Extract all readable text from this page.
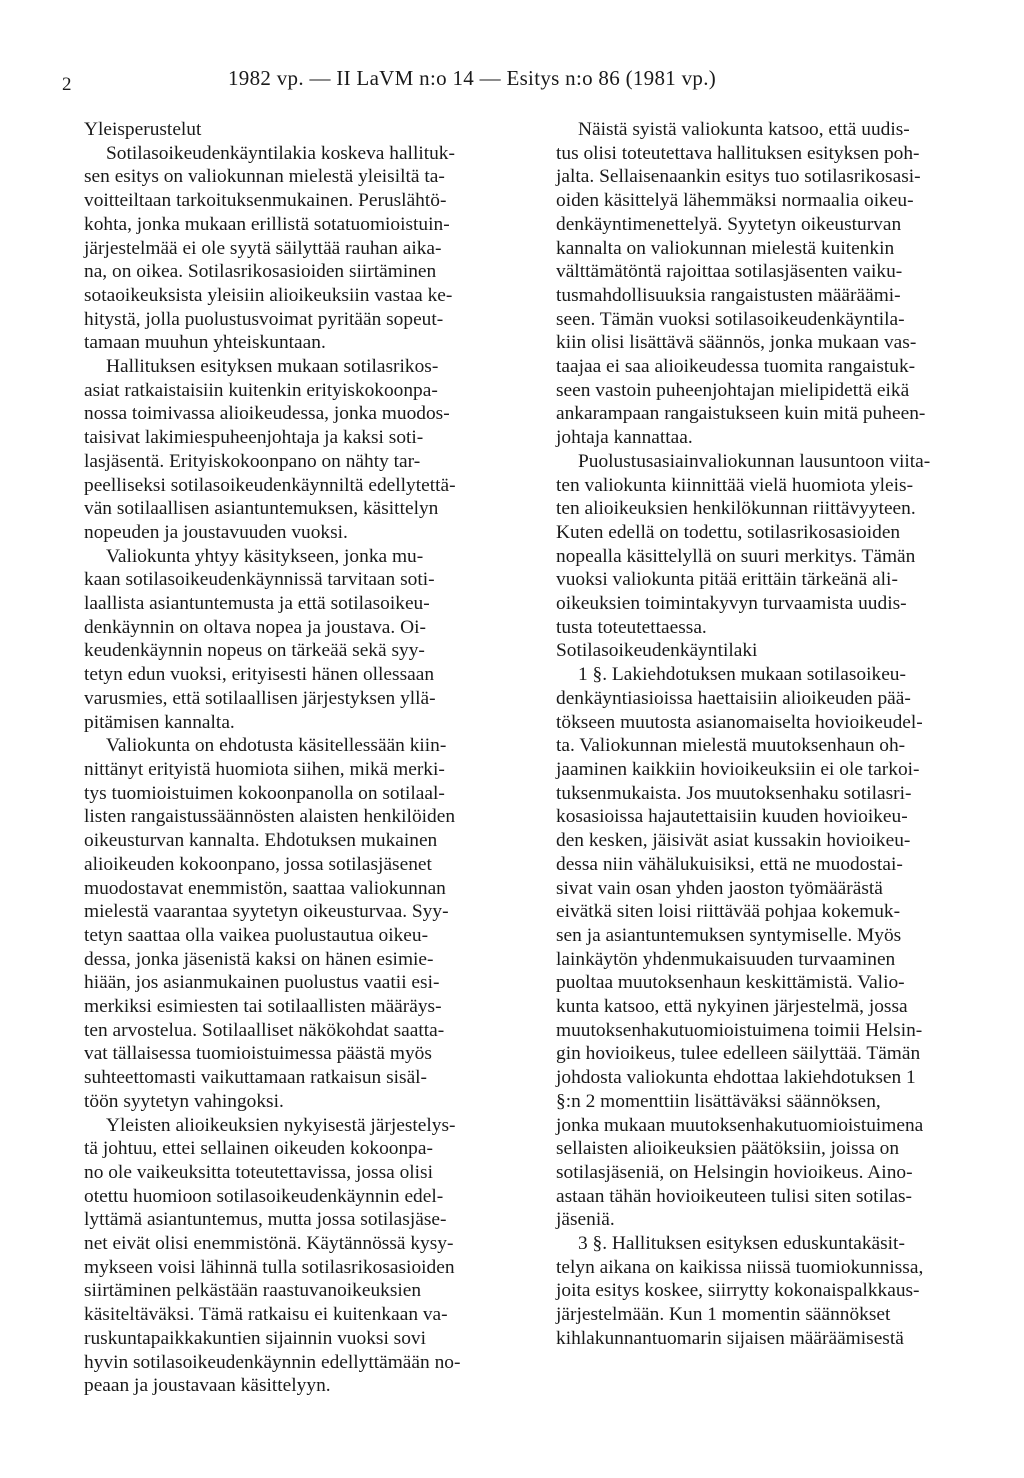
2	1982 vp. — II LaVM n:o 14 — Esitys n:o 86 (1981 vp.)

Yleisperustelut

Sotilasoikeudenkäyntilakia koskeva hallituk-

sen esitys on valiokunnan mielestä yleisiltä ta-

voitteiltaan tarkoituksenmukainen. Peruslähtö-

kohta, jonka mukaan erillistä sotatuomioistuin-

järjestelmää ei ole syytä säilyttää rauhan aika-

na, on oikea. Sotilasrikosasioiden siirtäminen

sotaoikeuksista yleisiin alioikeuksiin vastaa ke-

hitystä, jolla puolustusvoimat pyritään sopeut-

tamaan muuhun yhteiskuntaan.

Hallituksen esityksen mukaan sotilasrikos-

asiat ratkaistaisiin kuitenkin erityiskokoonpa-

nossa toimivassa alioikeudessa, jonka muodos-

taisivat lakimiespuheenjohtaja ja kaksi soti-

lasjäsentä. Erityiskokoonpano on nähty tar-

peelliseksi sotilasoikeudenkäynniltä edellytettä-

vän sotilaallisen asiantuntemuksen, käsittelyn

nopeuden ja joustavuuden vuoksi.

Valiokunta yhtyy käsitykseen, jonka mu-

kaan sotilasoikeudenkäynnissä tarvitaan soti-

laallista asiantuntemusta ja että sotilasoikeu-

denkäynnin on oltava nopea ja joustava. Oi-

keudenkäynnin nopeus on tärkeää sekä syy-

tetyn edun vuoksi, erityisesti hänen ollessaan

varusmies, että sotilaallisen järjestyksen yllä-

pitämisen kannalta.

Valiokunta on ehdotusta käsitellessään kiin-

nittänyt erityistä huomiota siihen, mikä merki-

tys tuomioistuimen kokoonpanolla on sotilaal-

listen rangaistussäännösten alaisten henkilöiden

oikeusturvan kannalta. Ehdotuksen mukainen

alioikeuden kokoonpano, jossa sotilasjäsenet

muodostavat enemmistön, saattaa valiokunnan

mielestä vaarantaa syytetyn oikeusturvaa. Syy-

tetyn saattaa olla vaikea puolustautua oikeu-

dessa, jonka jäsenistä kaksi on hänen esimie-

hiään, jos asianmukainen puolustus vaatii esi-

merkiksi esimiesten tai sotilaallisten määräys-

ten arvostelua. Sotilaalliset näkökohdat saatta-

vat tällaisessa tuomioistuimessa päästä myös

suhteettomasti vaikuttamaan ratkaisun sisäl-

töön syytetyn vahingoksi.

Yleisten alioikeuksien nykyisestä järjestelys-

tä johtuu, ettei sellainen oikeuden kokoonpa-

no ole vaikeuksitta toteutettavissa, jossa olisi

otettu huomioon sotilasoikeudenkäynnin edel-

lyttämä asiantuntemus, mutta jossa sotilasjäse-

net eivät olisi enemmistönä. Käytännössä kysy-

mykseen voisi lähinnä tulla sotilasrikosasioiden

siirtäminen pelkästään raastuvanoikeuksien

käsiteltäväksi. Tämä ratkaisu ei kuitenkaan va-

ruskuntapaikkakuntien sijainnin vuoksi sovi

hyvin sotilasoikeudenkäynnin edellyttämään no-

peaan ja joustavaan käsittelyyn.

Näistä syistä valiokunta katsoo, että uudis-

tus olisi toteutettava hallituksen esityksen poh-

jalta. Sellaisenaankin esitys tuo sotilasrikosasi-

oiden käsittelyä lähemmäksi normaalia oikeu-

denkäyntimenettelyä. Syytetyn oikeusturvan

kannalta on valiokunnan mielestä kuitenkin

välttämätöntä rajoittaa sotilasjäsenten vaiku-

tusmahdollisuuksia rangaistusten määräämi-

seen. Tämän vuoksi sotilasoikeudenkäyntila-

kiin olisi lisättävä säännös, jonka mukaan vas-

taajaa ei saa alioikeudessa tuomita rangaistuk-

seen vastoin puheenjohtajan mielipidettä eikä

ankarampaan rangaistukseen kuin mitä puheen-

johtaja kannattaa.

Puolustusasiainvaliokunnan lausuntoon viita-

ten valiokunta kiinnittää vielä huomiota yleis-

ten alioikeuksien henkilökunnan riittävyyteen.

Kuten edellä on todettu, sotilasrikosasioiden

nopealla käsittelyllä on suuri merkitys. Tämän

vuoksi valiokunta pitää erittäin tärkeänä ali-

oikeuksien toimintakyvyn turvaamista uudis-

tusta toteutettaessa.

Sotilasoikeudenkäyntilaki

1 §. Lakiehdotuksen mukaan sotilasoikeu-

denkäyntiasioissa haettaisiin alioikeuden pää-

tökseen muutosta asianomaiselta hovioikeudel-

ta. Valiokunnan mielestä muutoksenhaun oh-

jaaminen kaikkiin hovioikeuksiin ei ole tarkoi-

tuksenmukaista. Jos muutoksenhaku sotilasri-

kosasioissa hajautettaisiin kuuden hovioikeu-

den kesken, jäisivät asiat kussakin hovioikeu-

dessa niin vähälukuisiksi, että ne muodostai-

sivat vain osan yhden jaoston työmäärästä

eivätkä siten loisi riittävää pohjaa kokemuk-

sen ja asiantuntemuksen syntymiselle. Myös

lainkäytön yhdenmukaisuuden turvaaminen

puoltaa muutoksenhaun keskittämistä. Valio-

kunta katsoo, että nykyinen järjestelmä, jossa

muutoksenhakutuomioistuimena toimii Helsin-

gin hovioikeus, tulee edelleen säilyttää. Tämän

johdosta valiokunta ehdottaa lakiehdotuksen 1

§:n 2 momenttiin lisättäväksi säännöksen,

jonka mukaan muutoksenhakutuomioistuimena

sellaisten alioikeuksien päätöksiin, joissa on

sotilasjäseniä, on Helsingin hovioikeus. Aino-

astaan tähän hovioikeuteen tulisi siten sotilas-

jäseniä.

3 §. Hallituksen esityksen eduskuntakäsit-

telyn aikana on kaikissa niissä tuomiokunnissa,

joita esitys koskee, siirrytty kokonaispalkkaus-

järjestelmään. Kun 1 momentin säännökset

kihlakunnantuomarin sijaisen määräämisestä
